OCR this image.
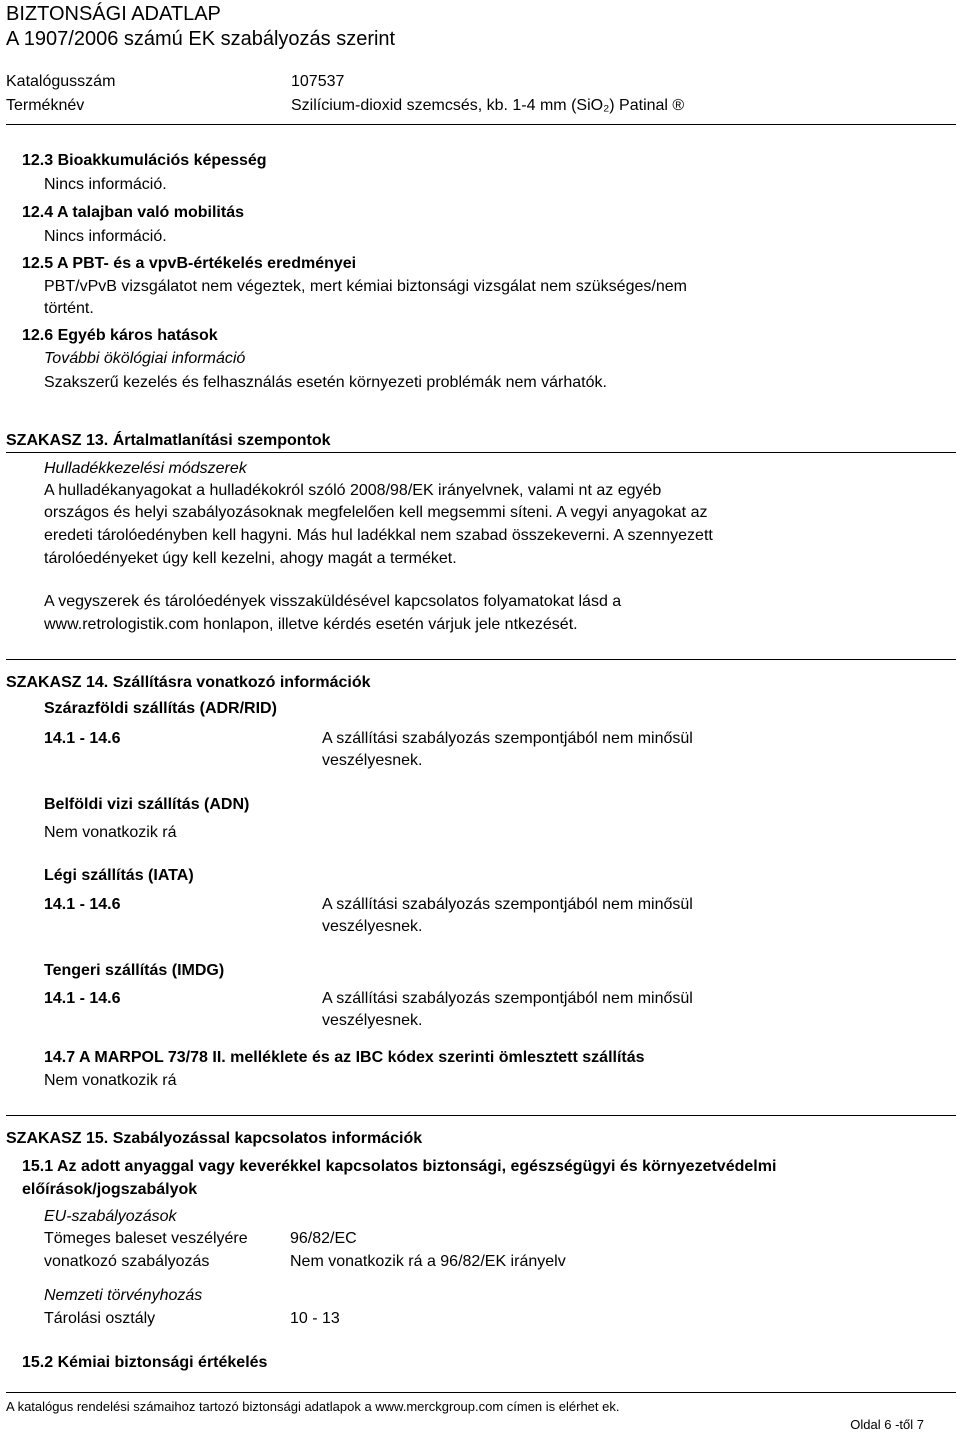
BIZTONSÁGI ADATLAP
A 1907/2006 számú EK szabályozás szerint
Katalógusszám	107537
Terméknév	Szilícium-dioxid szemcsés, kb. 1-4 mm (SiO₂) Patinal ®
12.3 Bioakkumulációs képesség
Nincs információ.
12.4 A talajban való mobilitás
Nincs információ.
12.5 A PBT- és a vpvB-értékelés eredményei
PBT/vPvB vizsgálatot nem végeztek, mert kémiai biztonsági vizsgálat nem szükséges/nem
történt.
12.6 Egyéb káros hatások
További ökölógiai információ
Szakszerű kezelés és felhasználás esetén környezeti problémák nem várhatók.
SZAKASZ 13. Ártalmatlanítási szempontok
Hulladékkezelési módszerek
A hulladékanyagokat a hulladékokról szóló 2008/98/EK irányelvnek, valami nt az egyéb
országos és helyi szabályozásoknak megfelelően kell megsemmi síteni. A vegyi anyagokat az
eredeti tárolóedényben kell hagyni. Más hul ladékkal nem szabad összekeverni. A szennyezett
tárolóedényeket úgy kell kezelni, ahogy magát a terméket.
A vegyszerek és tárolóedények visszaküldésével kapcsolatos folyamatokat lásd a
www.retrologistik.com honlapon, illetve kérdés esetén várjuk jele ntkezését.
SZAKASZ 14. Szállításra vonatkozó információk
Szárazföldi szállítás (ADR/RID)
14.1 - 14.6	A szállítási szabályozás szempontjából nem minősül
veszélyesnek.
Belföldi vizi szállítás (ADN)
Nem vonatkozik rá
Légi szállítás (IATA)
14.1 - 14.6	A szállítási szabályozás szempontjából nem minősül
veszélyesnek.
Tengeri szállítás (IMDG)
14.1 - 14.6	A szállítási szabályozás szempontjából nem minősül
veszélyesnek.
14.7 A MARPOL 73/78 II. melléklete és az IBC kódex szerinti ömlesztett szállítás
Nem vonatkozik rá
SZAKASZ 15. Szabályozással kapcsolatos információk
15.1 Az adott anyaggal vagy keverékkel kapcsolatos biztonsági, egészségügyi és környezetvédelmi
előírások/jogszabályok
EU-szabályozások
Tömeges baleset veszélyére	96/82/EC
vonatkozó szabályozás	Nem vonatkozik rá a 96/82/EK irányelv
Nemzeti törvényhozás
Tárolási osztály	10 - 13
15.2 Kémiai biztonsági értékelés
A katalógus rendelési számaihoz tartozó biztonsági adatlapok a www.merckgroup.com címen is elérhet ek.
Oldal 6 -től 7
